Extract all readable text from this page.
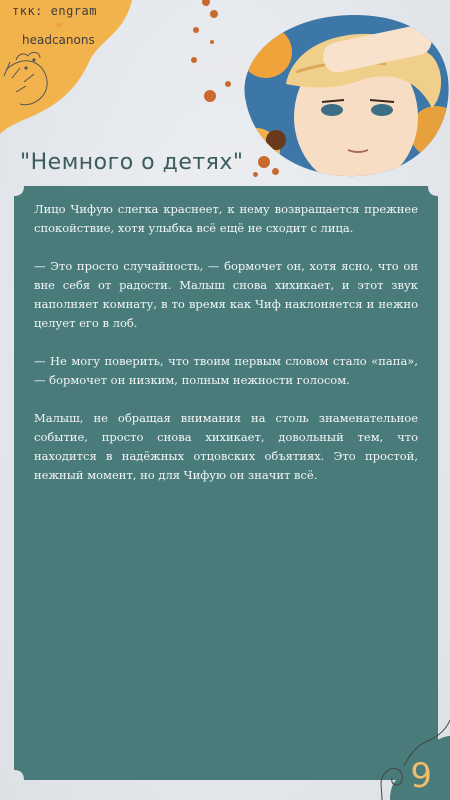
ткк: engram
❤
headcanons
"Немного о детях"

Лицо Чифую слегка краснеет, к нему возвращается прежнее спокойствие, хотя улыбка всё ещё не сходит с лица.

— Это просто случайность, — бормочет он, хотя ясно, что он вне себя от радости. Малыш снова хихикает, и этот звук наполняет комнату, в то время как Чиф наклоняется и нежно целует его в лоб.

— Не могу поверить, что твоим первым словом стало «папа», — бормочет он низким, полным нежности голосом.

Малыш, не обращая внимания на столь знаменательное событие, просто снова хихикает, довольный тем, что находится в надёжных отцовских объятиях. Это простой, нежный момент, но для Чифую он значит всё.

9
